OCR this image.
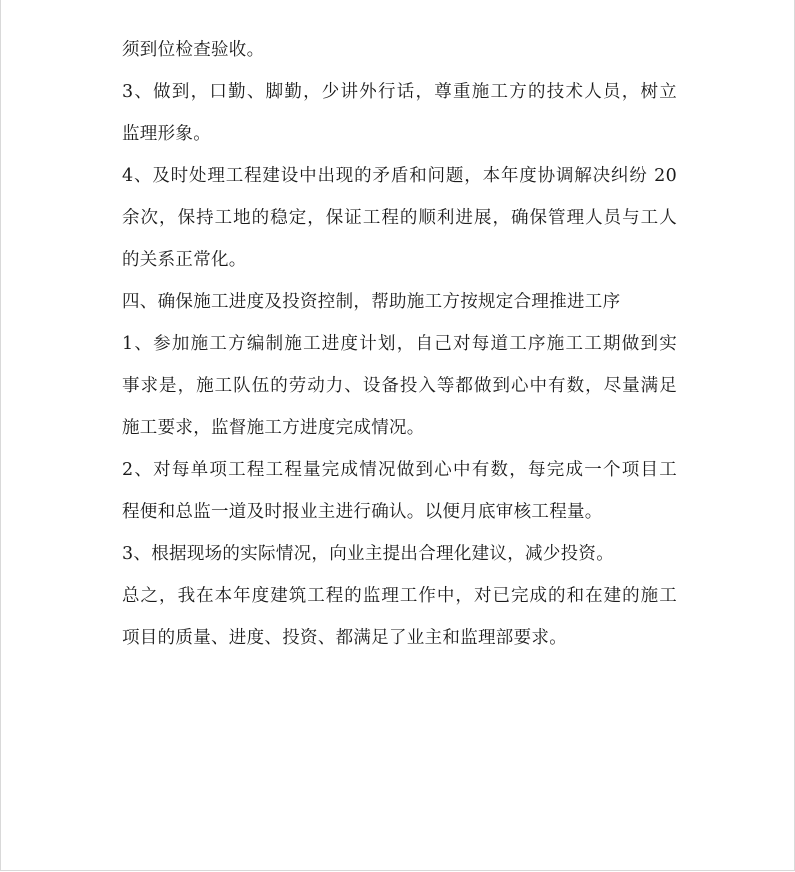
须到位检查验收。
3、做到，口勤、脚勤，少讲外行话，尊重施工方的技术人员，树立
监理形象。
4、及时处理工程建设中出现的矛盾和问题，本年度协调解决纠纷 20
余次，保持工地的稳定，保证工程的顺利进展，确保管理人员与工人
的关系正常化。
四、确保施工进度及投资控制，帮助施工方按规定合理推进工序
1、参加施工方编制施工进度计划，自己对每道工序施工工期做到实
事求是，施工队伍的劳动力、设备投入等都做到心中有数，尽量满足
施工要求，监督施工方进度完成情况。
2、对每单项工程工程量完成情况做到心中有数，每完成一个项目工
程便和总监一道及时报业主进行确认。以便月底审核工程量。
3、根据现场的实际情况，向业主提出合理化建议，减少投资。
总之，我在本年度建筑工程的监理工作中，对已完成的和在建的施工
项目的质量、进度、投资、都满足了业主和监理部要求。
